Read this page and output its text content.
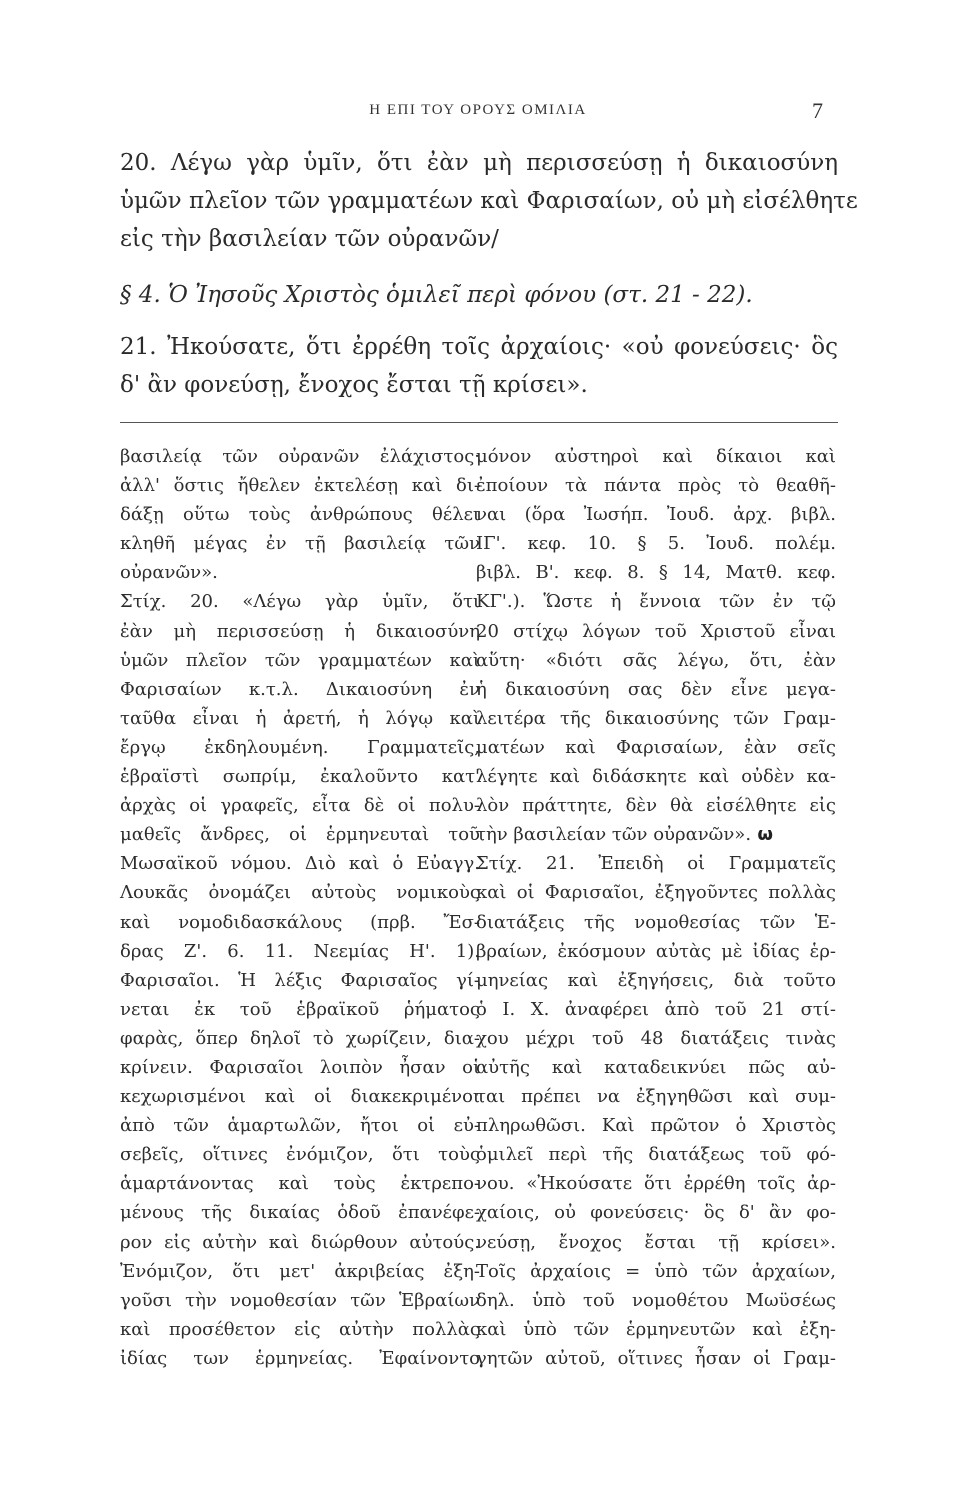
Η ΕΠΙ ΤΟΥ ΟΡΟΥΣ ΟΜΙΛΙΑ	7
20. Λέγω γὰρ ὑμῖν, ὅτι ἐὰν μὴ περισσεύσῃ ἡ δικαιοσύνη
ὑμῶν πλεῖον τῶν γραμματέων καὶ Φαρισαίων, οὐ μὴ εἰσέλθητε
εἰς τὴν βασιλείαν τῶν οὐρανῶν/
§ 4. Ὁ Ἰησοῦς Χριστὸς ὁμιλεῖ περὶ φόνου (στ. 21 - 22).
21. Ἠκούσατε, ὅτι ἐρρέθη τοῖς ἀρχαίοις· «οὐ φονεύσεις· ὃς
δ' ἂν φονεύσῃ, ἔνοχος ἔσται τῇ κρίσει».
βασιλείᾳ τῶν οὐρανῶν ἐλάχιστος·
ἀλλ' ὅστις ἤθελεν ἐκτελέσῃ καὶ δι-
δάξῃ οὕτω τοὺς ἀνθρώπους θέλει
κληθῆ μέγας ἐν τῇ βασιλείᾳ τῶν
οὐρανῶν».
Στίχ. 20. «Λέγω γὰρ ὑμῖν, ὅτι
ἐὰν μὴ περισσεύσῃ ἡ δικαιοσύνη
ὑμῶν πλεῖον τῶν γραμματέων καὶ
Φαρισαίων κ.τ.λ. Δικαιοσύνη ἐν
ταῦθα εἶναι ἡ ἀρετή, ἡ λόγῳ καὶ
ἔργῳ ἐκδηλουμένη. Γραμματεῖς,
ἑβραϊστὶ σωπρίμ, ἐκαλοῦντο κατ'
ἀρχὰς οἱ γραφεῖς, εἶτα δὲ οἱ πολυ-
μαθεῖς ἄνδρες, οἱ ἑρμηνευταὶ τοῦ
Μωσαϊκοῦ νόμου. Διὸ καὶ ὁ Εὐαγγ.
Λουκᾶς ὀνομάζει αὐτοὺς νομικοὺς
καὶ νομοδιδασκάλους (πρβ. Ἔσ-
δρας Ζ'. 6. 11. Νεεμίας Η'. 1).
Φαρισαῖοι. Ἡ λέξις Φαρισαῖος γί-
νεται ἐκ τοῦ ἑβραϊκοῦ ῥήματος
φαρὰς, ὅπερ δηλοῖ τὸ χωρίζειν, δια-
κρίνειν. Φαρισαῖοι λοιπὸν ἦσαν οἱ
κεχωρισμένοι καὶ οἱ διακεκριμένοι
ἀπὸ τῶν ἁμαρτωλῶν, ἤτοι οἱ εὐ-
σεβεῖς, οἵτινες ἐνόμιζον, ὅτι τοὺς
ἁμαρτάνοντας καὶ τοὺς ἐκτρεπο-
μένους τῆς δικαίας ὁδοῦ ἐπανέφε-
ρον εἰς αὐτὴν καὶ διώρθουν αὐτούς.
Ἐνόμιζον, ὅτι μετ' ἀκριβείας ἐξη-
γοῦσι τὴν νομοθεσίαν τῶν Ἑβραίων
καὶ προσέθετον εἰς αὐτὴν πολλὰς
ἰδίας των ἑρμηνείας. Ἐφαίνοντο
μόνον αὐστηροὶ καὶ δίκαιοι καὶ
ἐποίουν τὰ πάντα πρὸς τὸ θεαθῆ-
ναι (ὅρα Ἰωσήπ. Ἰουδ. ἀρχ. βιβλ.
ΙΓ'. κεφ. 10. § 5. Ἰουδ. πολέμ.
βιβλ. Β'. κεφ. 8. § 14, Ματθ. κεφ.
ΚΓ'.). Ὥστε ἡ ἔννοια τῶν ἐν τῷ
20 στίχῳ λόγων τοῦ Χριστοῦ εἶναι
αὕτη· «διότι σᾶς λέγω, ὅτι, ἐὰν
ἡ δικαιοσύνη σας δὲν εἶνε μεγα-
λειτέρα τῆς δικαιοσύνης τῶν Γραμ-
ματέων καὶ Φαρισαίων, ἐὰν σεῖς
λέγητε καὶ διδάσκητε καὶ οὐδὲν κα-
λὸν πράττητε, δὲν θὰ εἰσέλθητε εἰς
τὴν βασιλείαν τῶν οὐρανῶν». ω
Στίχ. 21. Ἐπειδὴ οἱ Γραμματεῖς
καὶ οἱ Φαρισαῖοι, ἐξηγοῦντες πολλὰς
διατάξεις τῆς νομοθεσίας τῶν Ἑ-
βραίων, ἐκόσμουν αὐτὰς μὲ ἰδίας ἑρ-
μηνείας καὶ ἐξηγήσεις, διὰ τοῦτο
ὁ Ι. Χ. ἀναφέρει ἀπὸ τοῦ 21 στί-
χου μέχρι τοῦ 48 διατάξεις τινὰς
αὐτῆς καὶ καταδεικνύει πῶς αὐ-
ται πρέπει να ἐξηγηθῶσι καὶ συμ-
πληρωθῶσι. Καὶ πρῶτον ὁ Χριστὸς
ὁμιλεῖ περὶ τῆς διατάξεως τοῦ φό-
νου. «Ἠκούσατε ὅτι ἐρρέθη τοῖς ἀρ-
χαίοις, οὐ φονεύσεις· ὃς δ' ἂν φο-
νεύσῃ, ἔνοχος ἔσται τῇ κρίσει».
Τοῖς ἀρχαίοις = ὑπὸ τῶν ἀρχαίων,
δηλ. ὑπὸ τοῦ νομοθέτου Μωϋσέως
καὶ ὑπὸ τῶν ἑρμηνευτῶν καὶ ἐξη-
γητῶν αὐτοῦ, οἵτινες ἦσαν οἱ Γραμ-
